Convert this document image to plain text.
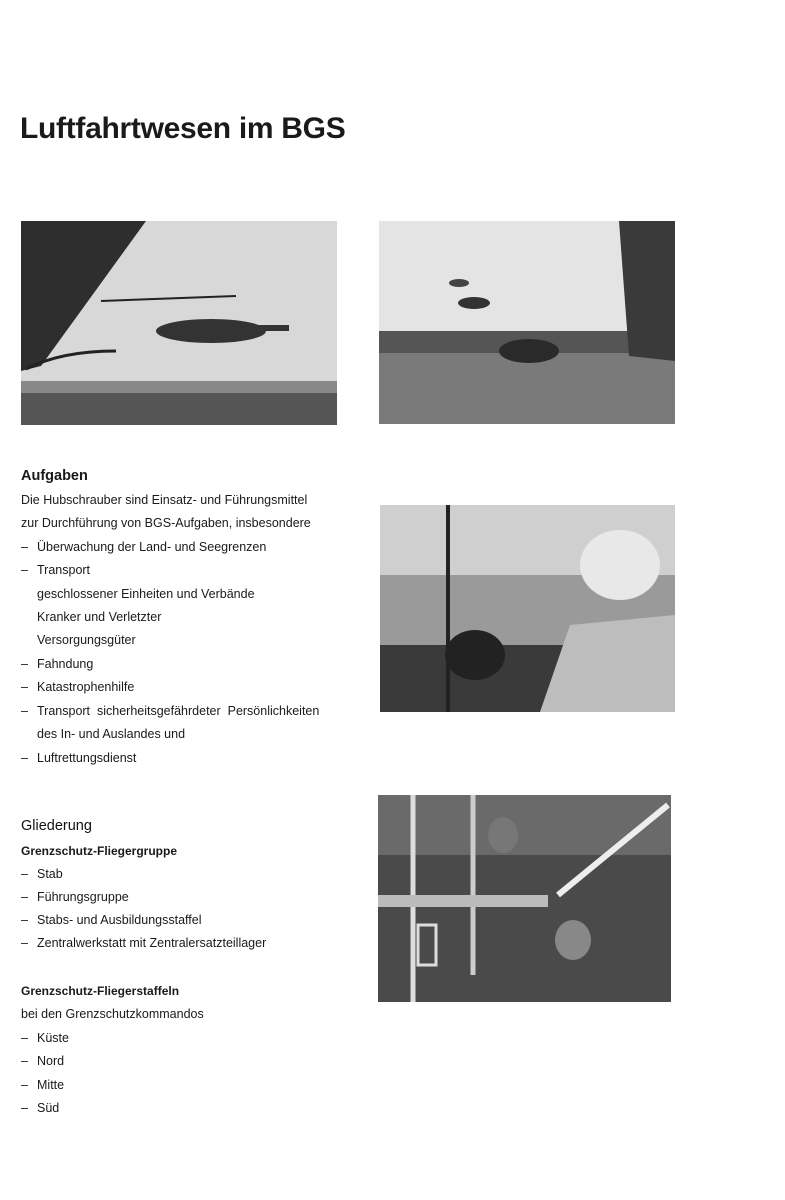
Luftfahrtwesen im BGS
Aufgaben
Die Hubschrauber sind Einsatz- und Führungsmittel
zur Durchführung von BGS-Aufgaben, insbesondere
– Überwachung der Land- und Seegrenzen
– Transport
geschlossener Einheiten und Verbände
Kranker und Verletzter
Versorgungsgüter
– Fahndung
– Katastrophenhilfe
– Transport  sicherheitsgefährdeter  Persönlichkeiten
des In- und Auslandes und
– Luftrettungsdienst
Gliederung
Grenzschutz-Fliegergruppe
– Stab
– Führungsgruppe
– Stabs- und Ausbildungsstaffel
– Zentralwerkstatt mit Zentralersatzteillager
Grenzschutz-Fliegerstaffeln
bei den Grenzschutzkommandos
– Küste
– Nord
– Mitte
– Süd
